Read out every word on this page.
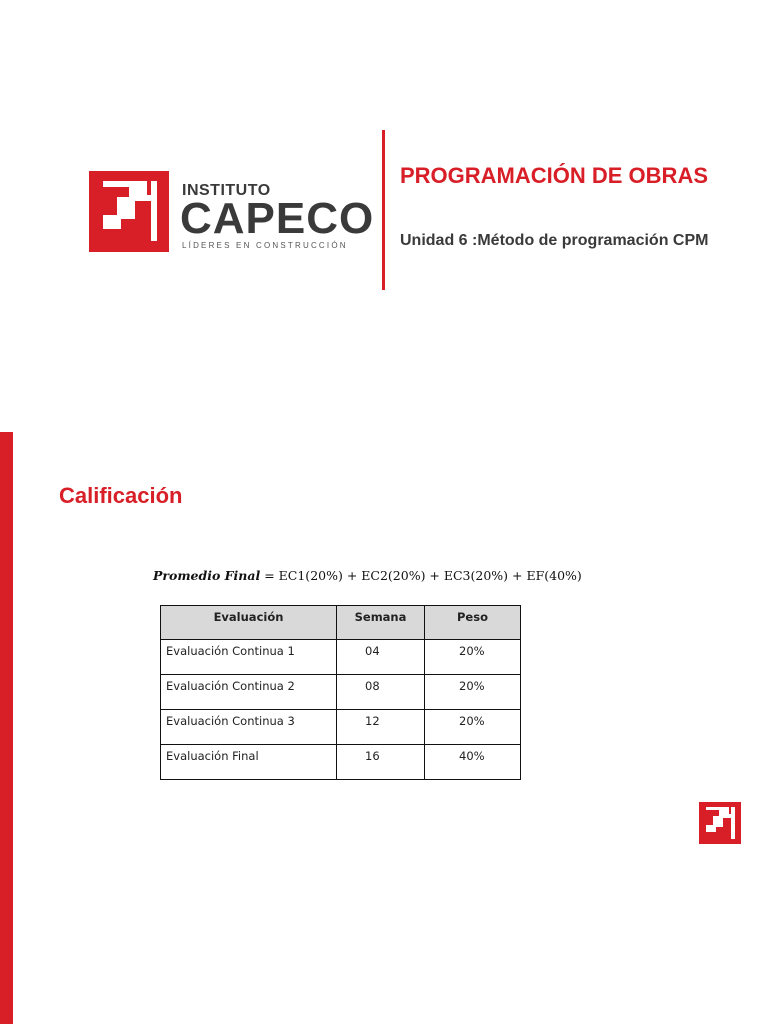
INSTITUTO
CAPECO
LÍDERES EN CONSTRUCCIÓN
PROGRAMACIÓN DE OBRAS
Unidad 6 :Método de programación CPM
Calificación
Promedio Final = EC1(20%) + EC2(20%) + EC3(20%) + EF(40%)
Evaluación	Semana	Peso
Evaluación Continua 1	04	20%
Evaluación Continua 2	08	20%
Evaluación Continua 3	12	20%
Evaluación Final	16	40%
